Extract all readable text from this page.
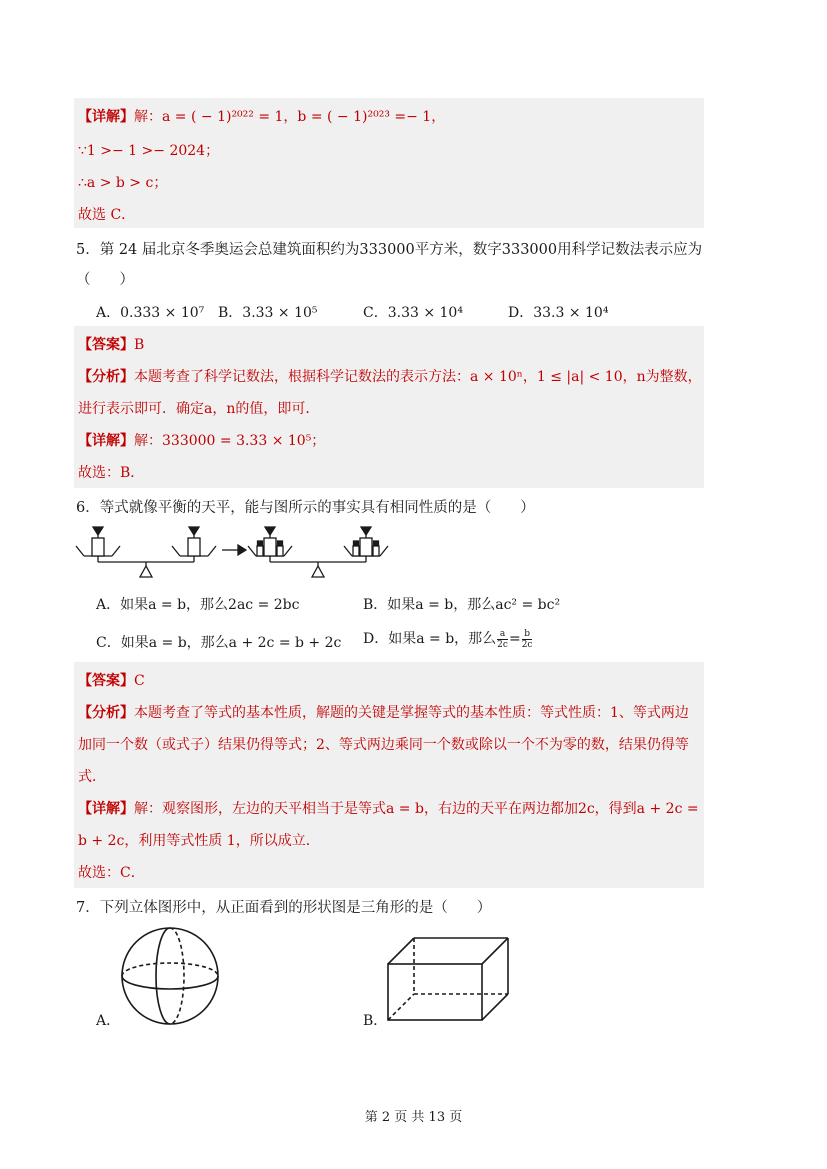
【详解】解：a = ( − 1)²⁰²² = 1，b = ( − 1)²⁰²³ =− 1，
∵1 >− 1 >− 2024；
∴a > b > c；
故选 C．
5．第 24 届北京冬季奥运会总建筑面积约为333000平方米，数字333000用科学记数法表示应为
（　　）
A．0.333 × 10⁷ B．3.33 × 10⁵	C．3.33 × 10⁴	D．33.3 × 10⁴
【答案】B
【分析】本题考查了科学记数法，根据科学记数法的表示方法：a × 10ⁿ，1 ≤ |a| < 10，n为整数，
进行表示即可．确定a，n的值，即可．
【详解】解：333000 = 3.33 × 10⁵；
故选：B．
6．等式就像平衡的天平，能与图所示的事实具有相同性质的是（　　）
A．如果a = b，那么2ac = 2bc	B．如果a = b，那么ac² = bc²
C．如果a = b，那么a + 2c = b + 2c D．如果a = b，那么 $\frac{a}{2c} = \frac{b}{2c}$
【答案】C
【分析】本题考查了等式的基本性质，解题的关键是掌握等式的基本性质：等式性质：1、等式两边
加同一个数（或式子）结果仍得等式；2、等式两边乘同一个数或除以一个不为零的数，结果仍得等
式．
【详解】解：观察图形，左边的天平相当于是等式a = b，右边的天平在两边都加2c，得到a + 2c =
b + 2c，利用等式性质 1，所以成立．
故选：C．
7．下列立体图形中，从正面看到的形状图是三角形的是（　　）
A．	B．
第 2 页 共 13 页
